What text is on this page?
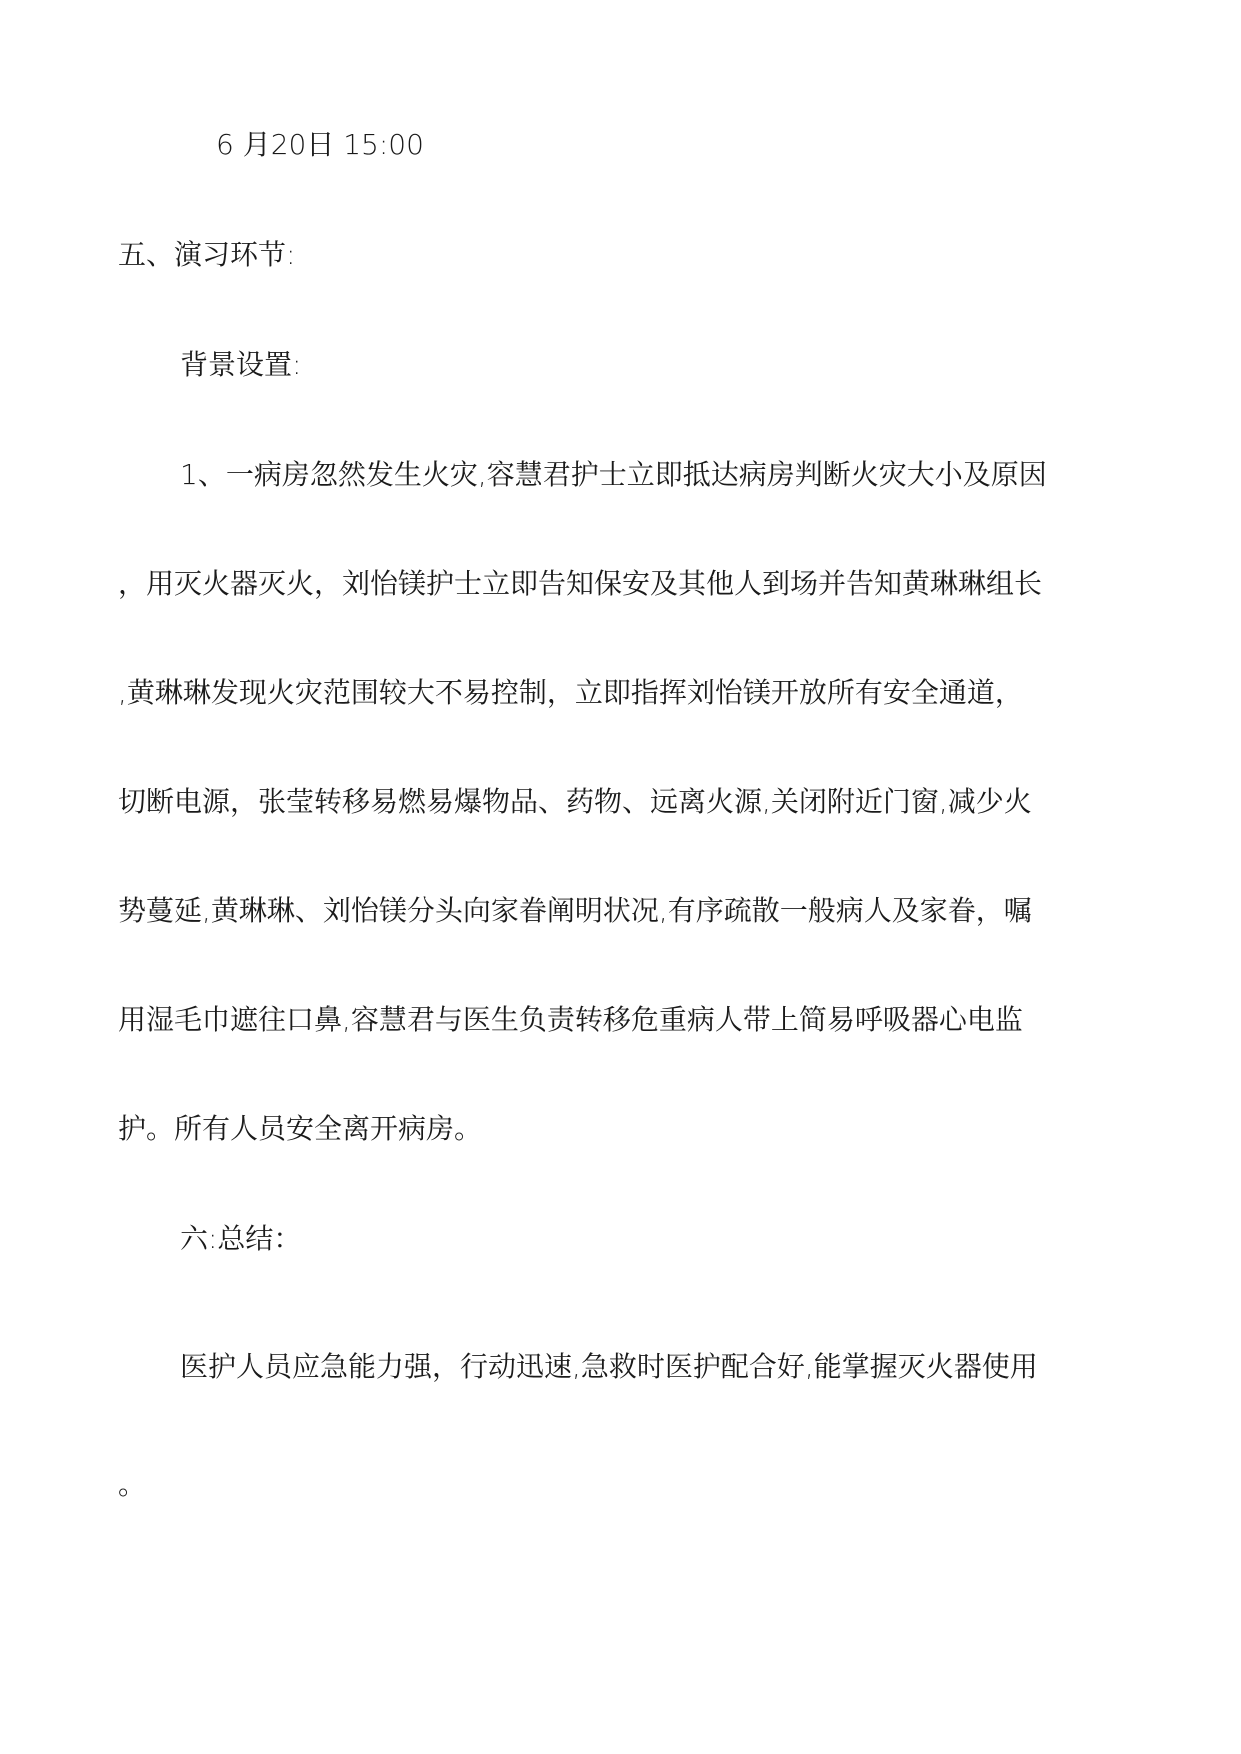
6 月20日 15:00
五、演习环节:
背景设置:
1、一病房忽然发生火灾,容慧君护士立即抵达病房判断火灾大小及原因
，用灭火器灭火，刘怡镁护士立即告知保安及其他人到场并告知黄琳琳组长
,黄琳琳发现火灾范围较大不易控制，立即指挥刘怡镁开放所有安全通道，
切断电源，张莹转移易燃易爆物品、药物、远离火源,关闭附近门窗,减少火
势蔓延,黄琳琳、刘怡镁分头向家眷阐明状况,有序疏散一般病人及家眷，嘱
用湿毛巾遮往口鼻,容慧君与医生负责转移危重病人带上简易呼吸器心电监
护。所有人员安全离开病房。
六:总结：
医护人员应急能力强，行动迅速,急救时医护配合好,能掌握灭火器使用
。
